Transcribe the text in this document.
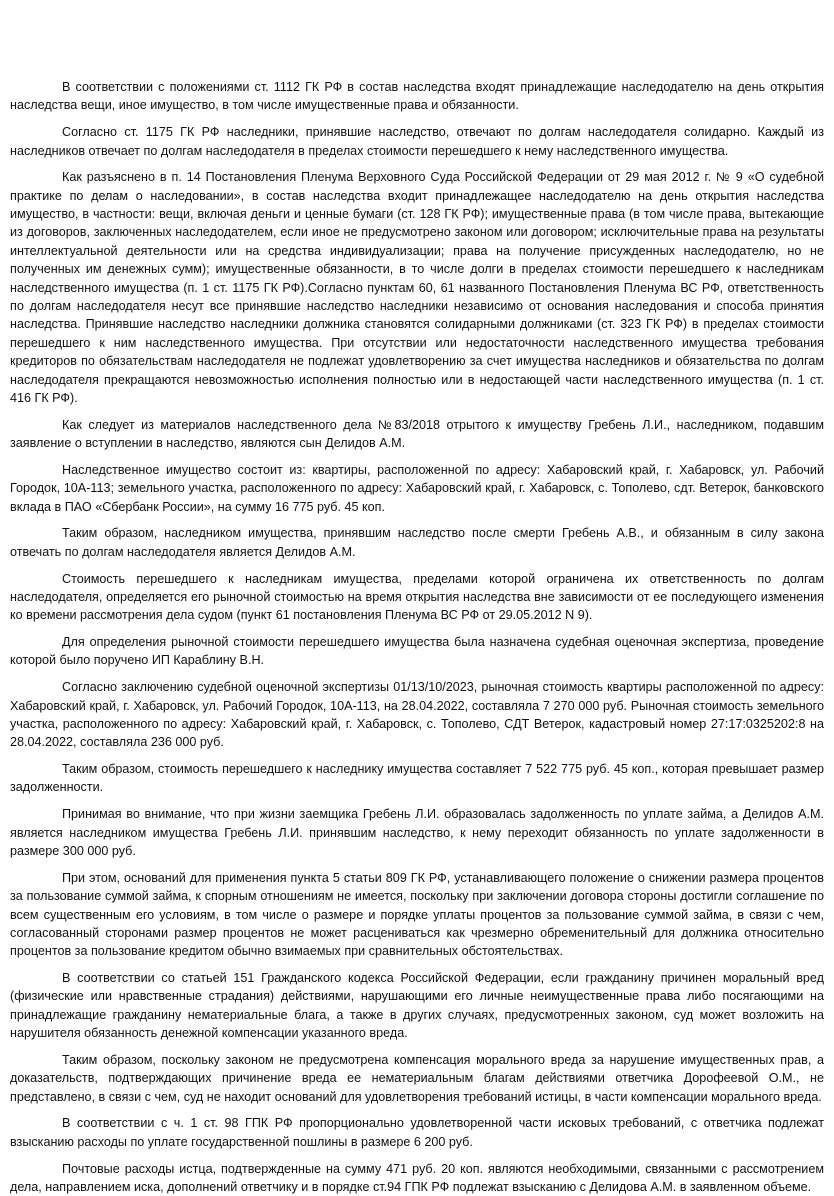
В соответствии с положениями ст. 1112 ГК РФ в состав наследства входят принадлежащие наследодателю на день открытия наследства вещи, иное имущество, в том числе имущественные права и обязанности.

Согласно ст. 1175 ГК РФ наследники, принявшие наследство, отвечают по долгам наследодателя солидарно. Каждый из наследников отвечает по долгам наследодателя в пределах стоимости перешедшего к нему наследственного имущества.

Как разъяснено в п. 14 Постановления Пленума Верховного Суда Российской Федерации от 29 мая 2012 г. № 9 «О судебной практике по делам о наследовании», в состав наследства входит принадлежащее наследодателю на день открытия наследства имущество, в частности: вещи, включая деньги и ценные бумаги (ст. 128 ГК РФ); имущественные права (в том числе права, вытекающие из договоров, заключенных наследодателем, если иное не предусмотрено законом или договором; исключительные права на результаты интеллектуальной деятельности или на средства индивидуализации; права на получение присужденных наследодателю, но не полученных им денежных сумм); имущественные обязанности, в то числе долги в пределах стоимости перешедшего к наследникам наследственного имущества (п. 1 ст. 1175 ГК РФ).Согласно пунктам 60, 61 названного Постановления Пленума ВС РФ, ответственность по долгам наследодателя несут все принявшие наследство наследники независимо от основания наследования и способа принятия наследства. Принявшие наследство наследники должника становятся солидарными должниками (ст. 323 ГК РФ) в пределах стоимости перешедшего к ним наследственного имущества. При отсутствии или недостаточности наследственного имущества требования кредиторов по обязательствам наследодателя не подлежат удовлетворению за счет имущества наследников и обязательства по долгам наследодателя прекращаются невозможностью исполнения полностью или в недостающей части наследственного имущества (п. 1 ст. 416 ГК РФ).

Как следует из материалов наследственного дела №83/2018 отрытого к имуществу Гребень Л.И., наследником, подавшим заявление о вступлении в наследство, являются сын Делидов А.М.

Наследственное имущество состоит из: квартиры, расположенной по адресу: Хабаровский край, г. Хабаровск, ул. Рабочий Городок, 10А-113; земельного участка, расположенного по адресу: Хабаровский край, г. Хабаровск, с. Тополево, сдт. Ветерок, банковского вклада в ПАО «Сбербанк России», на сумму 16 775 руб. 45 коп.

Таким образом, наследником имущества, принявшим наследство после смерти Гребень А.В., и обязанным в силу закона отвечать по долгам наследодателя является Делидов А.М.

Стоимость перешедшего к наследникам имущества, пределами которой ограничена их ответственность по долгам наследодателя, определяется его рыночной стоимостью на время открытия наследства вне зависимости от ее последующего изменения ко времени рассмотрения дела судом (пункт 61 постановления Пленума ВС РФ от 29.05.2012 N 9).

Для определения рыночной стоимости перешедшего имущества была назначена судебная оценочная экспертиза, проведение которой было поручено ИП Караблину В.Н.

Согласно заключению судебной оценочной экспертизы 01/13/10/2023, рыночная стоимость квартиры расположенной по адресу: Хабаровский край, г. Хабаровск, ул. Рабочий Городок, 10А-113, на 28.04.2022, составляла 7 270 000 руб. Рыночная стоимость земельного участка, расположенного по адресу: Хабаровский край, г. Хабаровск, с. Тополево, СДТ Ветерок, кадастровый номер 27:17:0325202:8 на 28.04.2022, составляла 236 000 руб.

Таким образом, стоимость перешедшего к наследнику имущества составляет 7 522 775 руб. 45 коп., которая превышает размер задолженности.

Принимая во внимание, что при жизни заемщика Гребень Л.И. образовалась задолженность по уплате займа, а Делидов А.М. является наследником имущества Гребень Л.И. принявшим наследство, к нему переходит обязанность по уплате задолженности в размере 300 000 руб.

При этом, оснований для применения пункта 5 статьи 809 ГК РФ, устанавливающего положение о снижении размера процентов за пользование суммой займа, к спорным отношениям не имеется, поскольку при заключении договора стороны достигли соглашение по всем существенным его условиям, в том числе о размере и порядке уплаты процентов за пользование суммой займа, в связи с чем, согласованный сторонами размер процентов не может расцениваться как чрезмерно обременительный для должника относительно процентов за пользование кредитом обычно взимаемых при сравнительных обстоятельствах.

В соответствии со статьей 151 Гражданского кодекса Российской Федерации, если гражданину причинен моральный вред (физические или нравственные страдания) действиями, нарушающими его личные неимущественные права либо посягающими на принадлежащие гражданину нематериальные блага, а также в других случаях, предусмотренных законом, суд может возложить на нарушителя обязанность денежной компенсации указанного вреда.

Таким образом, поскольку законом не предусмотрена компенсация морального вреда за нарушение имущественных прав, а доказательств, подтверждающих причинение вреда ее нематериальным благам действиями ответчика Дорофеевой О.М., не представлено, в связи с чем, суд не находит оснований для удовлетворения требований истицы, в части компенсации морального вреда.

В соответствии с ч. 1 ст. 98 ГПК РФ пропорционально удовлетворенной части исковых требований, с ответчика подлежат взысканию расходы по уплате государственной пошлины в размере 6 200 руб.

Почтовые расходы истца, подтвержденные на сумму 471 руб. 20 коп. являются необходимыми, связанными с рассмотрением дела, направлением иска, дополнений ответчику и в порядке ст.94 ГПК РФ подлежат взысканию с Делидова А.М. в заявленном объеме.
